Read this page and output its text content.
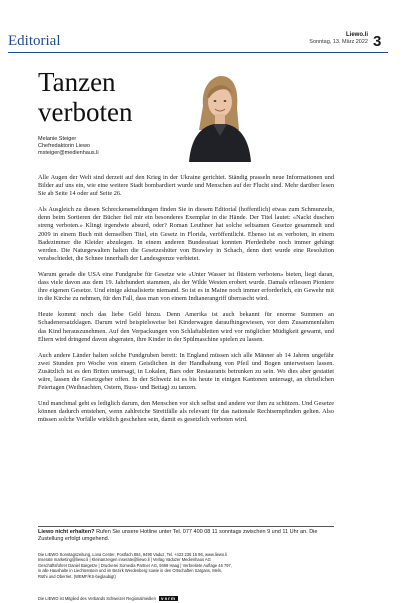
Editorial	Liewo.li
Sonntag, 13. März 2022 3
Tanzen
verboten
Melanie Steiger
Chefredaktorin Liewo
msteiger@medienhaus.li

Alle Augen der Welt sind derzeit auf den Krieg in der Ukraine gerichtet. Ständig prasseln neue Informationen und Bilder auf uns ein, wie eine weitere Stadt bombardiert wurde und Menschen auf der Flucht sind. Mehr darüber lesen Sie ab Seite 14 oder auf Seite 26.

Als Ausgleich zu diesen Schreckensmeldungen finden Sie in diesem Editorial (hoffentlich) etwas zum Schmunzeln, denn beim Sortieren der Bücher fiel mir ein besonderes Exemplar in die Hände. Der Titel lautet: «Nackt duschen streng verboten.» Klingt irgendwie absurd, oder? Roman Leuthner hat solche seltsamen Gesetze gesammelt und 2009 in einem Buch mit demselben Titel, ein Gesetz in Florida, veröffentlicht. Ebenso ist es verboten, in einem Badezimmer die Kleider abzulegen. In einem anderen Bundesstaat konnten Pferdediebe noch immer gehängt werden. Die Naturgewalten halten die Gesetzeshüter von Brawley in Schach, denn dort wurde eine Resolution verabschiedet, die Schnee innerhalb der Landesgrenze verbietet.

Warum gerade die USA eine Fundgrube für Gesetze wie «Unter Wasser ist flüstern verboten» bieten, liegt daran, dass viele davon aus dem 19. Jahrhundert stammen, als der Wilde Westen erobert wurde. Damals erliessen Pioniere ihre eigenen Gesetze. Und einige aktualisierte niemand. So ist es in Maine noch immer erforderlich, ein Gewehr mit in die Kirche zu nehmen, für den Fall, dass man von einem Indianerangriff überrascht wird.

Heute kommt noch das liebe Geld hinzu. Denn Amerika ist auch bekannt für enorme Summen an Schadenersatzklagen. Darum wird beispielsweise bei Kinderwagen daraufhingewiesen, vor dem Zusammenfalten das Kind herauszunehmen. Auf den Verpackungen von Schlaftabletten wird vor möglicher Müdigkeit gewarnt, und Eltern wird dringend davon abgeraten, ihre Kinder in der Spülmaschine spielen zu lassen.

Auch andere Länder halten solche Fundgruben bereit: In England müssen sich alle Männer ab 14 Jahren ungefähr zwei Stunden pro Woche von einem Geistlichen in der Handhabung von Pfeil und Bogen unterweisen lassen. Zusätzlich ist es den Briten untersagt, in Lokalen, Bars oder Restaurants betrunken zu sein. Wo dies aber gestattet wäre, lassen die Gesetzgeber offen. In der Schweiz ist es bis heute in einigen Kantonen untersagt, an christlichen Feiertagen (Weihnachten, Ostern, Buss- und Bettag) zu tanzen.

Und manchmal geht es lediglich darum, den Menschen vor sich selbst und andere vor ihm zu schützen. Und Gesetze können dadurch entstehen, wenn zahlreiche Streitfälle als relevant für das nationale Rechtsempfinden gelten. Also müssen solche Vorfälle wirklich geschehen sein, damit es gesetzlich verboten wird.

Liewo nicht erhalten? Rufen Sie unsere Hotline unter Tel. 077 400 08 11 sonntags zwischen 9 und 11 Uhr an. Die Zustellung erfolgt umgehend.
Die LIEWO Sonntagszeitung, Lova Center, Postfach 884, 9490 Vaduz, Tel. +423 236 16 96, www.liewo.li
Inserate marketing@liewo.li | Kleinanzeigen inserate@liewo.li | Verlag Vaduzer Medienhaus AG
Geschäftsführer Daniel Bargetze | Druckerei Somedia Partner AG, 9469 Haag | Verbreitete Auflage 46 797,
in alle Haushalte in Liechtenstein und im Bezirk Werdenberg sowie in den Ortschaften Sargans, Mels,
Rüthi und Oberriet. (WEMF/KS-beglaubigt)
Die LIEWO ist Mitglied des Verbands Schweizer Regionalmedien vsrm
